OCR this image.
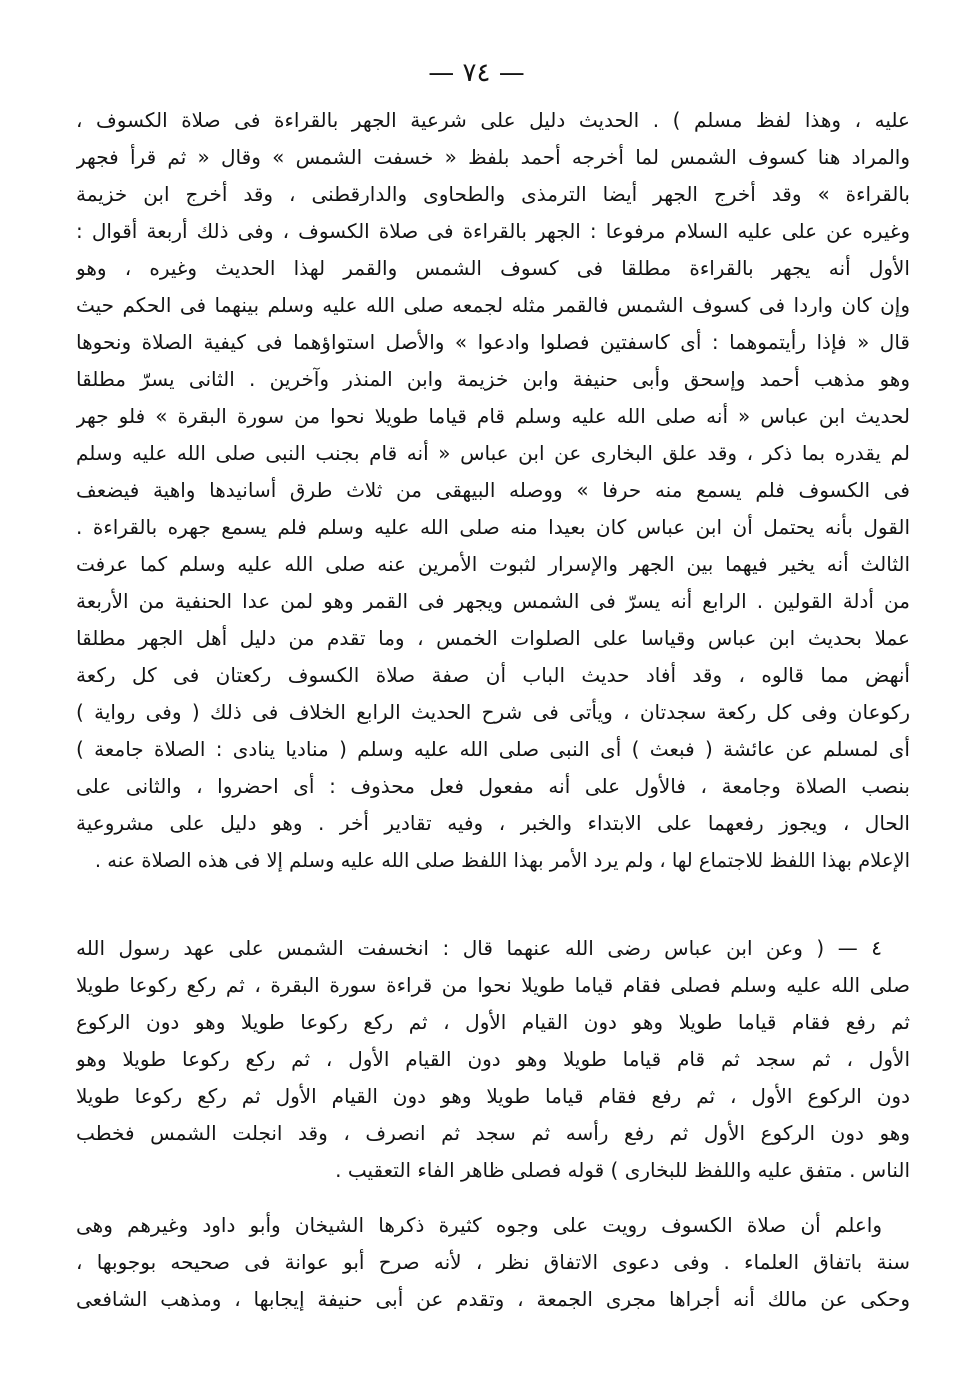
— ٧٤ —
عليه ، وهذا لفظ مسلم ) . الحديث دليل على شرعية الجهر بالقراءة فى صلاة الكسوف ،
والمراد هنا كسوف الشمس لما أخرجه أحمد بلفظ « خسفت الشمس » وقال « ثم قرأ فجهر
بالقراءة » وقد أخرج الجهر أيضا الترمذى والطحاوى والدارقطنى ، وقد أخرج ابن خزيمة
وغيره عن على عليه السلام مرفوعا : الجهر بالقراءة فى صلاة الكسوف ، وفى ذلك أربعة أقوال :
الأول أنه يجهر بالقراءة مطلقا فى كسوف الشمس والقمر لهذا الحديث وغيره ، وهو
وإن كان واردا فى كسوف الشمس فالقمر مثله لجمعه صلى الله عليه وسلم بينهما فى الحكم حيث
قال « فإذا رأيتموهما : أى كاسفتين فصلوا وادعوا » والأصل استواؤهما فى كيفية الصلاة ونحوها
وهو مذهب أحمد وإسحق وأبى حنيفة وابن خزيمة وابن المنذر وآخرين . الثانى يسرّ مطلقا
لحديث ابن عباس « أنه صلى الله عليه وسلم قام قياما طويلا نحوا من سورة البقرة » فلو جهر
لم يقدره بما ذكر ، وقد علق البخارى عن ابن عباس « أنه قام بجنب النبى صلى الله عليه وسلم
فى الكسوف فلم يسمع منه حرفا » ووصله البيهقى من ثلاث طرق أسانيدها واهية فيضعف
القول بأنه يحتمل أن ابن عباس كان بعيدا منه صلى الله عليه وسلم فلم يسمع جهره بالقراءة .
الثالث أنه يخير فيهما بين الجهر والإسرار لثبوت الأمرين عنه صلى الله عليه وسلم كما عرفت
من أدلة القولين . الرابع أنه يسرّ فى الشمس ويجهر فى القمر وهو لمن عدا الحنفية من الأربعة
عملا بحديث ابن عباس وقياسا على الصلوات الخمس ، وما تقدم من دليل أهل الجهر مطلقا
أنهض مما قالوه ، وقد أفاد حديث الباب أن صفة صلاة الكسوف ركعتان فى كل ركعة
ركوعان وفى كل ركعة سجدتان ، ويأتى فى شرح الحديث الرابع الخلاف فى ذلك ( وفى رواية )
أى لمسلم عن عائشة ( فبعث ) أى النبى صلى الله عليه وسلم ( مناديا ينادى : الصلاة جامعة )
بنصب الصلاة وجامعة ، فالأول على أنه مفعول فعل محذوف : أى احضروا ، والثانى على
الحال ، ويجوز رفعهما على الابتداء والخبر ، وفيه تقادير أخر . وهو دليل على مشروعية
الإعلام بهذا اللفظ للاجتماع لها ، ولم يرد الأمر بهذا اللفظ صلى الله عليه وسلم إلا فى هذه الصلاة عنه .
٤ — ( وعن ابن عباس رضى الله عنهما قال : انخسفت الشمس على عهد رسول الله
صلى الله عليه وسلم فصلى فقام قياما طويلا نحوا من قراءة سورة البقرة ، ثم ركع ركوعا طويلا
ثم رفع فقام قياما طويلا وهو دون القيام الأول ، ثم ركع ركوعا طويلا وهو دون الركوع
الأول ، ثم سجد ثم قام قياما طويلا وهو دون القيام الأول ، ثم ركع ركوعا طويلا وهو
دون الركوع الأول ، ثم رفع فقام قياما طويلا وهو دون القيام الأول ثم ركع ركوعا طويلا
وهو دون الركوع الأول ثم رفع رأسه ثم سجد ثم انصرف ، وقد انجلت الشمس فخطب
الناس . متفق عليه واللفظ للبخارى ) قوله فصلى ظاهر الفاء التعقيب .
واعلم أن صلاة الكسوف رويت على وجوه كثيرة ذكرها الشيخان وأبو داود وغيرهم وهى
سنة باتفاق العلماء . وفى دعوى الاتفاق نظر ، لأنه صرح أبو عوانة فى صحيحه بوجوبها ،
وحكى عن مالك أنه أجراها مجرى الجمعة ، وتقدم عن أبى حنيفة إيجابها ، ومذهب الشافعى
